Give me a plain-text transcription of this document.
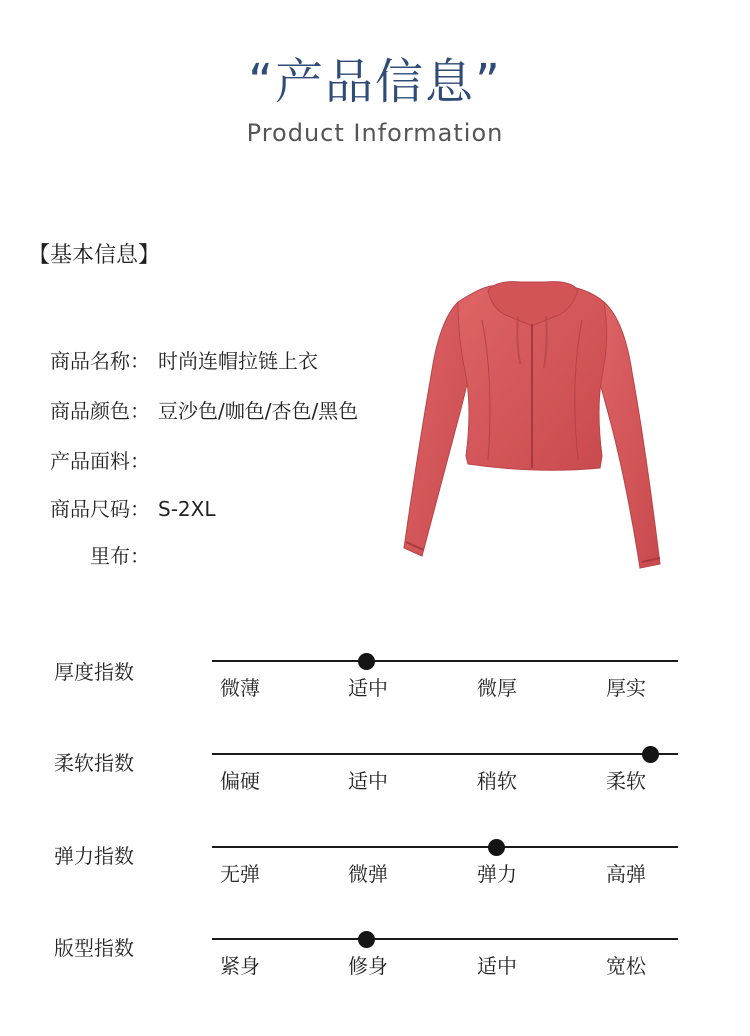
“产品信息”
Product Information
【基本信息】
商品名称： 时尚连帽拉链上衣
商品颜色： 豆沙色/咖色/杏色/黑色
产品面料：
商品尺码： S-2XL
里布：
厚度指数
微薄	适中	微厚	厚实
柔软指数
偏硬	适中	稍软	柔软
弹力指数
无弹	微弹	弹力	高弹
版型指数
紧身	修身	适中	宽松
